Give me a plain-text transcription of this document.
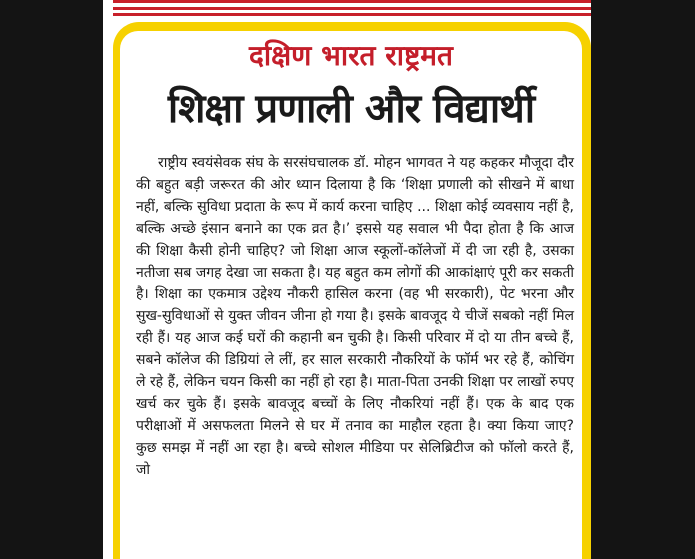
दक्षिण भारत राष्ट्रमत
शिक्षा प्रणाली और विद्यार्थी

राष्ट्रीय स्वयंसेवक संघ के सरसंघचालक डॉ. मोहन भागवत ने यह कहकर मौजूदा दौर की बहुत बड़ी जरूरत की ओर ध्यान दिलाया है कि ‘शिक्षा प्रणाली को सीखने में बाधा नहीं, बल्कि सुविधा प्रदाता के रूप में कार्य करना चाहिए ... शिक्षा कोई व्यवसाय नहीं है, बल्कि अच्छे इंसान बनाने का एक व्रत है।’ इससे यह सवाल भी पैदा होता है कि आज की शिक्षा कैसी होनी चाहिए? जो शिक्षा आज स्कूलों-कॉलेजों में दी जा रही है, उसका नतीजा सब जगह देखा जा सकता है। यह बहुत कम लोगों की आकांक्षाएं पूरी कर सकती है। शिक्षा का एकमात्र उद्देश्य नौकरी हासिल करना (वह भी सरकारी), पेट भरना और सुख-सुविधाओं से युक्त जीवन जीना हो गया है। इसके बावजूद ये चीजें सबको नहीं मिल रही हैं। यह आज कई घरों की कहानी बन चुकी है। किसी परिवार में दो या तीन बच्चे हैं, सबने कॉलेज की डिग्रियां ले लीं, हर साल सरकारी नौकरियों के फॉर्म भर रहे हैं, कोचिंग ले रहे हैं, लेकिन चयन किसी का नहीं हो रहा है। माता-पिता उनकी शिक्षा पर लाखों रुपए खर्च कर चुके हैं। इसके बावजूद बच्चों के लिए नौकरियां नहीं हैं। एक के बाद एक परीक्षाओं में असफलता मिलने से घर में तनाव का माहौल रहता है। क्या किया जाए? कुछ समझ में नहीं आ रहा है। बच्चे सोशल मीडिया पर सेलिब्रिटीज को फॉलो करते हैं, जो
